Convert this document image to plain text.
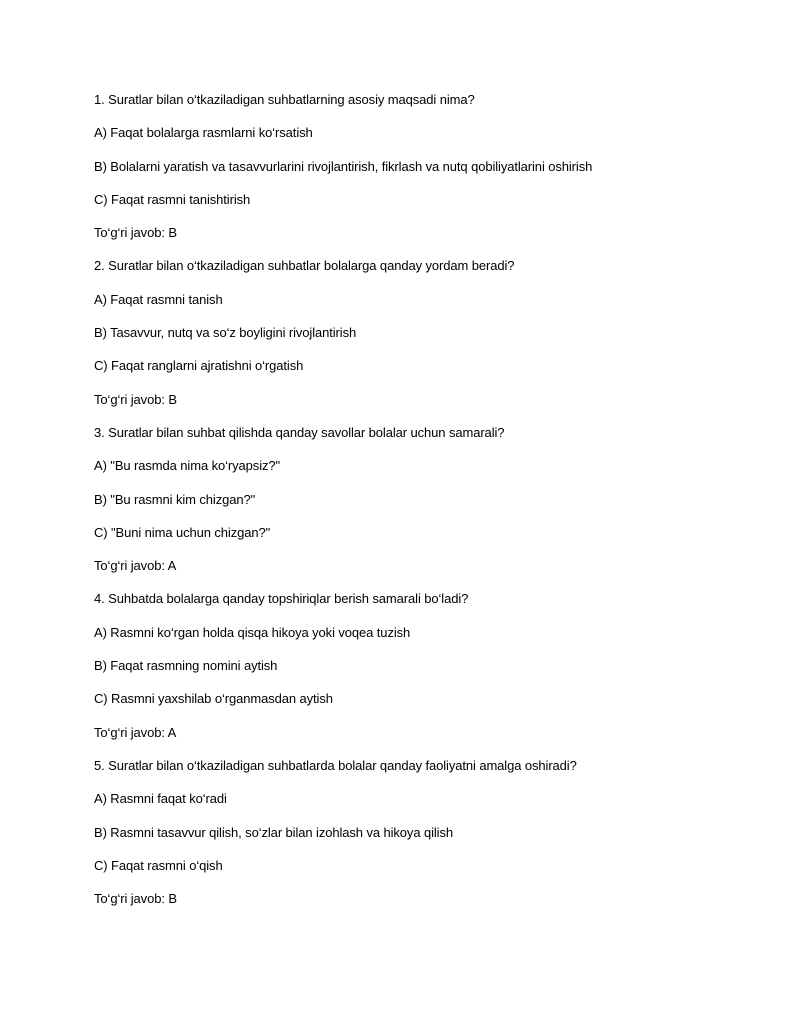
1. Suratlar bilan o‘tkaziladigan suhbatlarning asosiy maqsadi nima?
A) Faqat bolalarga rasmlarni ko‘rsatish
B) Bolalarni yaratish va tasavvurlarini rivojlantirish, fikrlash va nutq qobiliyatlarini oshirish
C) Faqat rasmni tanishtirish
To‘g‘ri javob: B
2. Suratlar bilan o‘tkaziladigan suhbatlar bolalarga qanday yordam beradi?
A) Faqat rasmni tanish
B) Tasavvur, nutq va so‘z boyligini rivojlantirish
C) Faqat ranglarni ajratishni o‘rgatish
To‘g‘ri javob: B
3. Suratlar bilan suhbat qilishda qanday savollar bolalar uchun samarali?
A) "Bu rasmda nima ko‘ryapsiz?"
B) "Bu rasmni kim chizgan?"
C) "Buni nima uchun chizgan?"
To‘g‘ri javob: A
4. Suhbatda bolalarga qanday topshiriqlar berish samarali bo‘ladi?
A) Rasmni ko‘rgan holda qisqa hikoya yoki voqea tuzish
B) Faqat rasmning nomini aytish
C) Rasmni yaxshilab o‘rganmasdan aytish
To‘g‘ri javob: A
5. Suratlar bilan o‘tkaziladigan suhbatlarda bolalar qanday faoliyatni amalga oshiradi?
A) Rasmni faqat ko‘radi
B) Rasmni tasavvur qilish, so‘zlar bilan izohlash va hikoya qilish
C) Faqat rasmni o‘qish
To‘g‘ri javob: B
